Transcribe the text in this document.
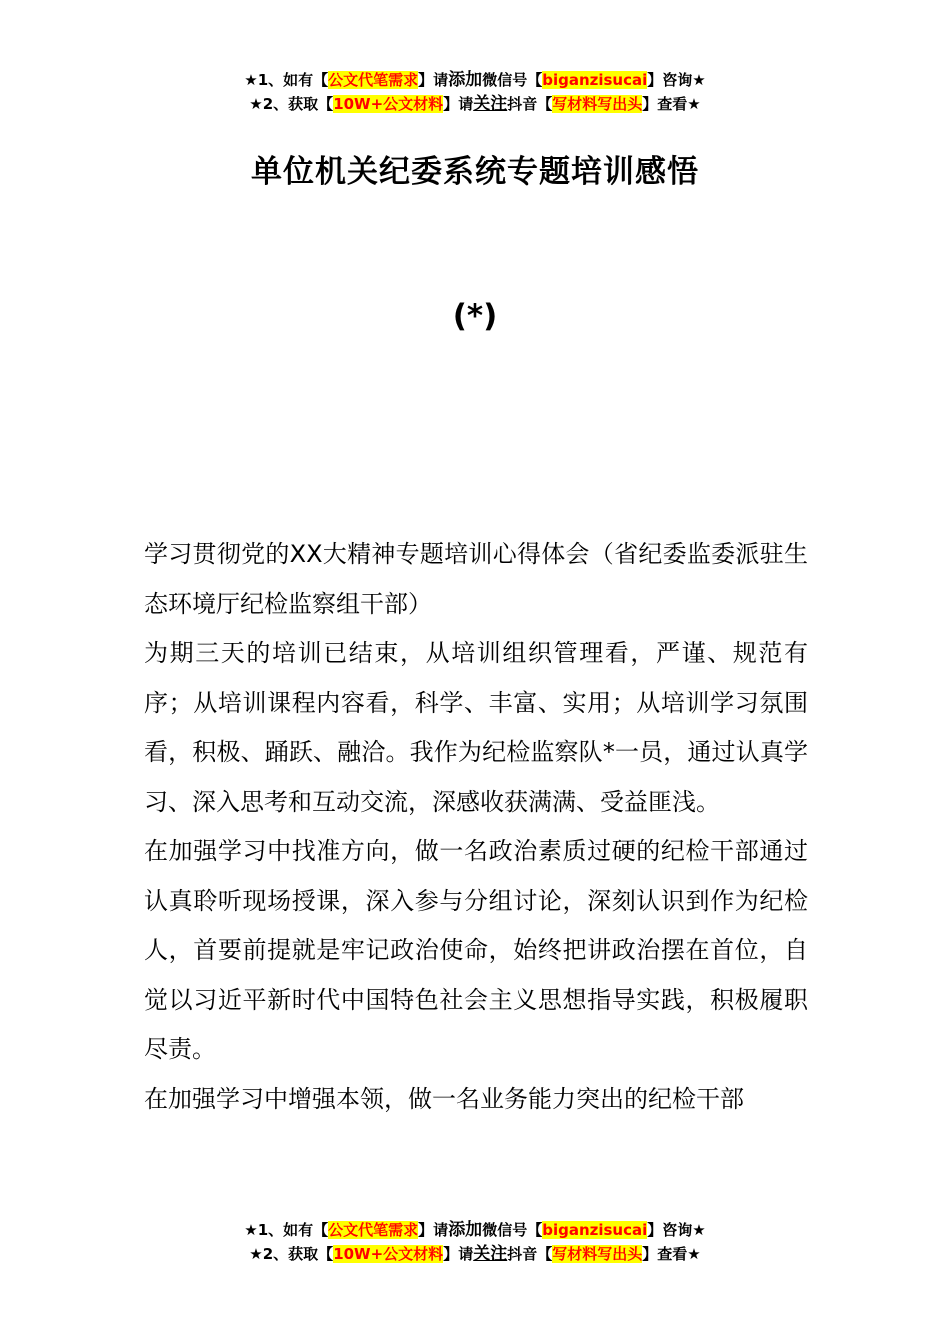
★1、如有【公文代笔需求】请添加微信号【biganzisucai】咨询★
★2、获取【10W+公文材料】请关注抖音【写材料写出头】查看★
单位机关纪委系统专题培训感悟
(*)

学习贯彻党的XX大精神专题培训心得体会（省纪委监委派驻生态环境厅纪检监察组干部）

为期三天的培训已结束，从培训组织管理看，严谨、规范有序；从培训课程内容看，科学、丰富、实用；从培训学习氛围看，积极、踊跃、融洽。我作为纪检监察队*一员，通过认真学习、深入思考和互动交流，深感收获满满、受益匪浅。

在加强学习中找准方向，做一名政治素质过硬的纪检干部通过认真聆听现场授课，深入参与分组讨论，深刻认识到作为纪检人，首要前提就是牢记政治使命，始终把讲政治摆在首位，自觉以习近平新时代中国特色社会主义思想指导实践，积极履职尽责。

在加强学习中增强本领，做一名业务能力突出的纪检干部

★1、如有【公文代笔需求】请添加微信号【biganzisucai】咨询★
★2、获取【10W+公文材料】请关注抖音【写材料写出头】查看★
